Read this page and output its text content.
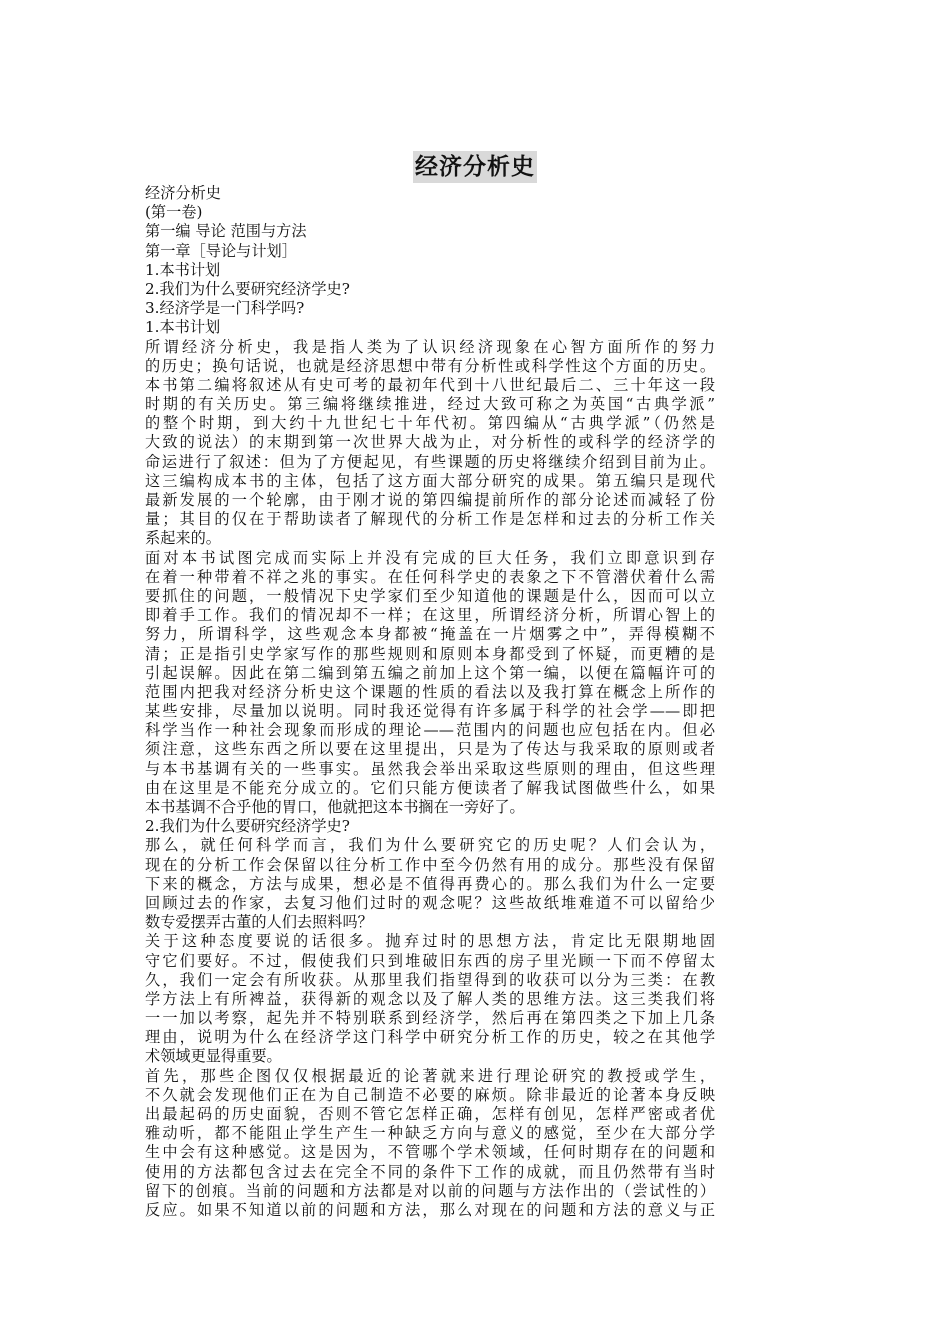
经济分析史
经济分析史
(第一卷)
第一编 导论 范围与方法
第一章［导论与计划］
1.本书计划
2.我们为什么要研究经济学史?
3.经济学是一门科学吗?
1.本书计划
所谓经济分析史，我是指人类为了认识经济现象在心智方面所作的努力
的历史；换句话说，也就是经济思想中带有分析性或科学性这个方面的历史。
本书第二编将叙述从有史可考的最初年代到十八世纪最后二、三十年这一段
时期的有关历史。第三编将继续推进，经过大致可称之为英国“古典学派”
的整个时期，到大约十九世纪七十年代初。第四编从“古典学派”（仍然是
大致的说法）的末期到第一次世界大战为止，对分析性的或科学的经济学的
命运进行了叙述：但为了方便起见，有些课题的历史将继续介绍到目前为止。
这三编构成本书的主体，包括了这方面大部分研究的成果。第五编只是现代
最新发展的一个轮廓，由于刚才说的第四编提前所作的部分论述而减轻了份
量；其目的仅在于帮助读者了解现代的分析工作是怎样和过去的分析工作关
系起来的。
面对本书试图完成而实际上并没有完成的巨大任务，我们立即意识到存
在着一种带着不祥之兆的事实。在任何科学史的表象之下不管潜伏着什么需
要抓住的问题，一般情况下史学家们至少知道他的课题是什么，因而可以立
即着手工作。我们的情况却不一样；在这里，所谓经济分析，所谓心智上的
努力，所谓科学，这些观念本身都被“掩盖在一片烟雾之中”，弄得模糊不
清；正是指引史学家写作的那些规则和原则本身都受到了怀疑，而更糟的是
引起误解。因此在第二编到第五编之前加上这个第一编，以便在篇幅许可的
范围内把我对经济分析史这个课题的性质的看法以及我打算在概念上所作的
某些安排，尽量加以说明。同时我还觉得有许多属于科学的社会学——即把
科学当作一种社会现象而形成的理论——范围内的问题也应包括在内。但必
须注意，这些东西之所以要在这里提出，只是为了传达与我采取的原则或者
与本书基调有关的一些事实。虽然我会举出采取这些原则的理由，但这些理
由在这里是不能充分成立的。它们只能方便读者了解我试图做些什么，如果
本书基调不合乎他的胃口，他就把这本书搁在一旁好了。
2.我们为什么要研究经济学史?
那么，就任何科学而言，我们为什么要研究它的历史呢？人们会认为，
现在的分析工作会保留以往分析工作中至今仍然有用的成分。那些没有保留
下来的概念，方法与成果，想必是不值得再费心的。那么我们为什么一定要
回顾过去的作家，去复习他们过时的观念呢？这些故纸堆难道不可以留给少
数专爱摆弄古董的人们去照料吗？
关于这种态度要说的话很多。抛弃过时的思想方法，肯定比无限期地固
守它们要好。不过，假使我们只到堆破旧东西的房子里光顾一下而不停留太
久，我们一定会有所收获。从那里我们指望得到的收获可以分为三类：在教
学方法上有所裨益，获得新的观念以及了解人类的思维方法。这三类我们将
一一加以考察，起先并不特别联系到经济学，然后再在第四类之下加上几条
理由，说明为什么在经济学这门科学中研究分析工作的历史，较之在其他学
术领域更显得重要。
首先，那些企图仅仅根据最近的论著就来进行理论研究的教授或学生，
不久就会发现他们正在为自己制造不必要的麻烦。除非最近的论著本身反映
出最起码的历史面貌，否则不管它怎样正确，怎样有创见，怎样严密或者优
雅动听，都不能阻止学生产生一种缺乏方向与意义的感觉，至少在大部分学
生中会有这种感觉。这是因为，不管哪个学术领域，任何时期存在的问题和
使用的方法都包含过去在完全不同的条件下工作的成就，而且仍然带有当时
留下的创痕。当前的问题和方法都是对以前的问题与方法作出的（尝试性的）
反应。如果不知道以前的问题和方法，那么对现在的问题和方法的意义与正
